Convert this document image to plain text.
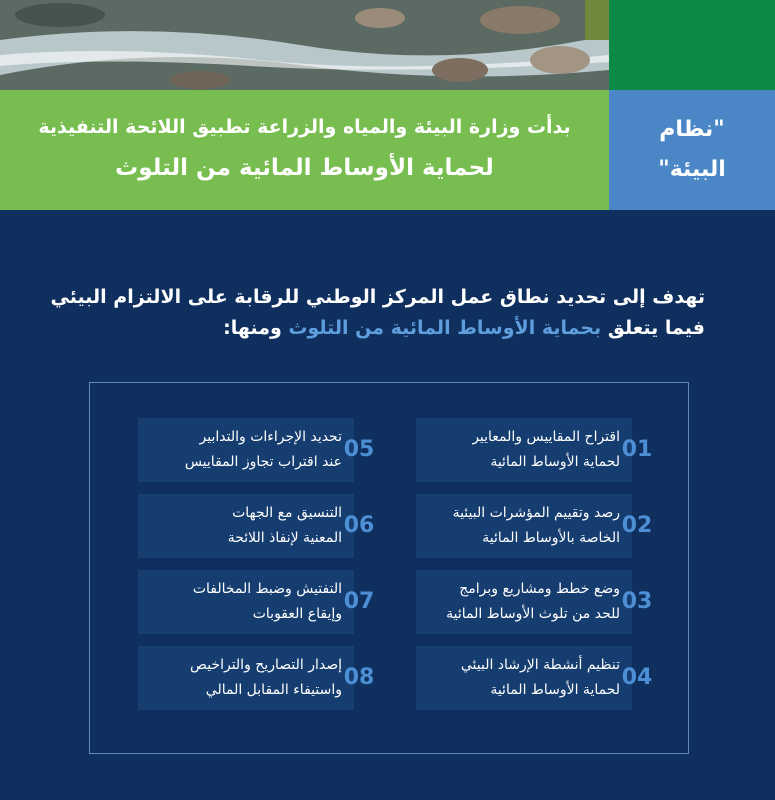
بدأت وزارة البيئة والمياه والزراعة تطبيق اللائحة التنفيذية
لحماية الأوساط المائية من التلوث
"نظام
البيئة"
تهدف إلى تحديد نطاق عمل المركز الوطني للرقابة على الالتزام البيئي
فيما يتعلق بحماية الأوساط المائية من التلوث ومنها:
اقتراح المقاييس والمعايير
لحماية الأوساط المائية 01
رصد وتقييم المؤشرات البيئية
الخاصة بالأوساط المائية 02
وضع خطط ومشاريع وبرامج
للحد من تلوث الأوساط المائية 03
تنظيم أنشطة الإرشاد البيئي
لحماية الأوساط المائية 04
تحديد الإجراءات والتدابير
عند اقتراب تجاوز المقاييس 05
التنسيق مع الجهات
المعنية لإنفاذ اللائحة 06
التفتيش وضبط المخالفات
وإيقاع العقوبات 07
إصدار التصاريح والتراخيص
واستيفاء المقابل المالي 08
